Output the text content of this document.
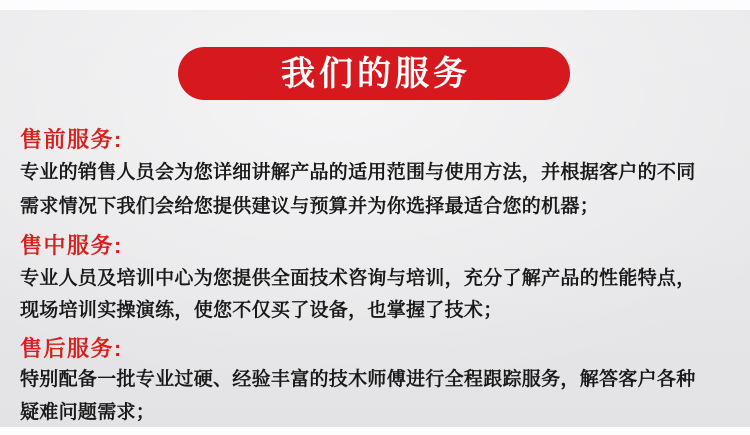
我们的服务
售前服务:
专业的销售人员会为您详细讲解产品的适用范围与使用方法，并根据客户的不同
需求情况下我们会给您提供建议与预算并为你选择最适合您的机器；
售中服务:
专业人员及培训中心为您提供全面技术咨询与培训，充分了解产品的性能特点，
现场培训实操演练，使您不仅买了设备，也掌握了技术；
售后服务:
特别配备一批专业过硬、经验丰富的技木师傅进行全程跟踪服务，解答客户各种
疑难问题需求；
